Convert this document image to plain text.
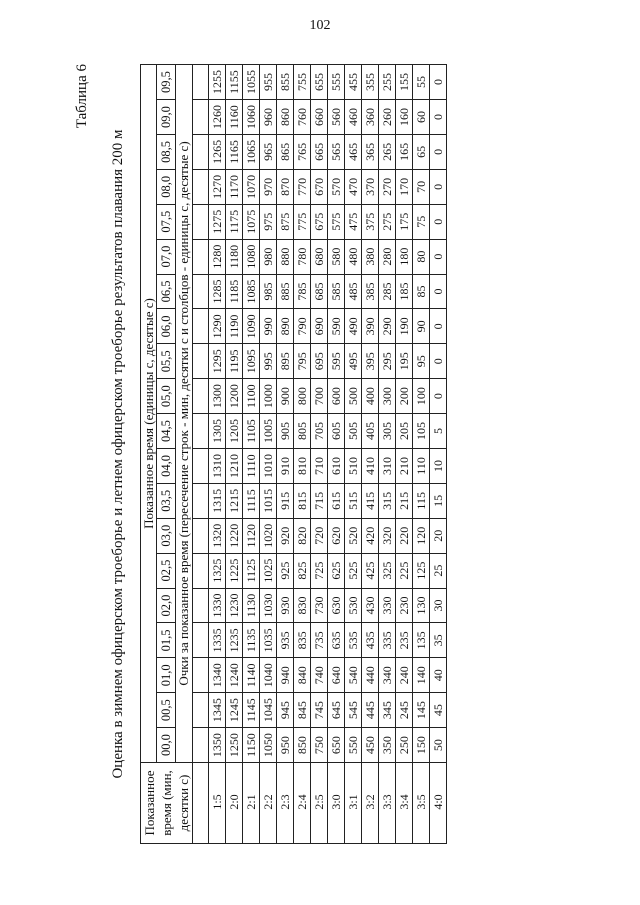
102
Таблица 6
Оценка в зимнем офицерском троеборье и летнем офицерском троеборье результатов плавания 200 м
Показанное время (мин, десятки с)	Показанное время (единицы с, десятые с)																			
	00,0	00,5	01,0	01,5	02,0	02,5	03,0	03,5	04,0	04,5	05,0	05,5	06,0	06,5	07,0	07,5	08,0	08,5	09,0	09,5
	Очки за показанное время (пересечение строк - мин, десятки с и столбцов - единицы с, десятые с)																			

1:5	1350	1345	1340	1335	1330	1325	1320	1315	1310	1305	1300	1295	1290	1285	1280	1275	1270	1265	1260	1255
2:0	1250	1245	1240	1235	1230	1225	1220	1215	1210	1205	1200	1195	1190	1185	1180	1175	1170	1165	1160	1155
2:1	1150	1145	1140	1135	1130	1125	1120	1115	1110	1105	1100	1095	1090	1085	1080	1075	1070	1065	1060	1055
2:2	1050	1045	1040	1035	1030	1025	1020	1015	1010	1005	1000	995	990	985	980	975	970	965	960	955
2:3	950	945	940	935	930	925	920	915	910	905	900	895	890	885	880	875	870	865	860	855
2:4	850	845	840	835	830	825	820	815	810	805	800	795	790	785	780	775	770	765	760	755
2:5	750	745	740	735	730	725	720	715	710	705	700	695	690	685	680	675	670	665	660	655
3:0	650	645	640	635	630	625	620	615	610	605	600	595	590	585	580	575	570	565	560	555
3:1	550	545	540	535	530	525	520	515	510	505	500	495	490	485	480	475	470	465	460	455
3:2	450	445	440	435	430	425	420	415	410	405	400	395	390	385	380	375	370	365	360	355
3:3	350	345	340	335	330	325	320	315	310	305	300	295	290	285	280	275	270	265	260	255
3:4	250	245	240	235	230	225	220	215	210	205	200	195	190	185	180	175	170	165	160	155
3:5	150	145	140	135	130	125	120	115	110	105	100	95	90	85	80	75	70	65	60	55
4:0	50	45	40	35	30	25	20	15	10	5	0	0	0	0	0	0	0	0	0	0
